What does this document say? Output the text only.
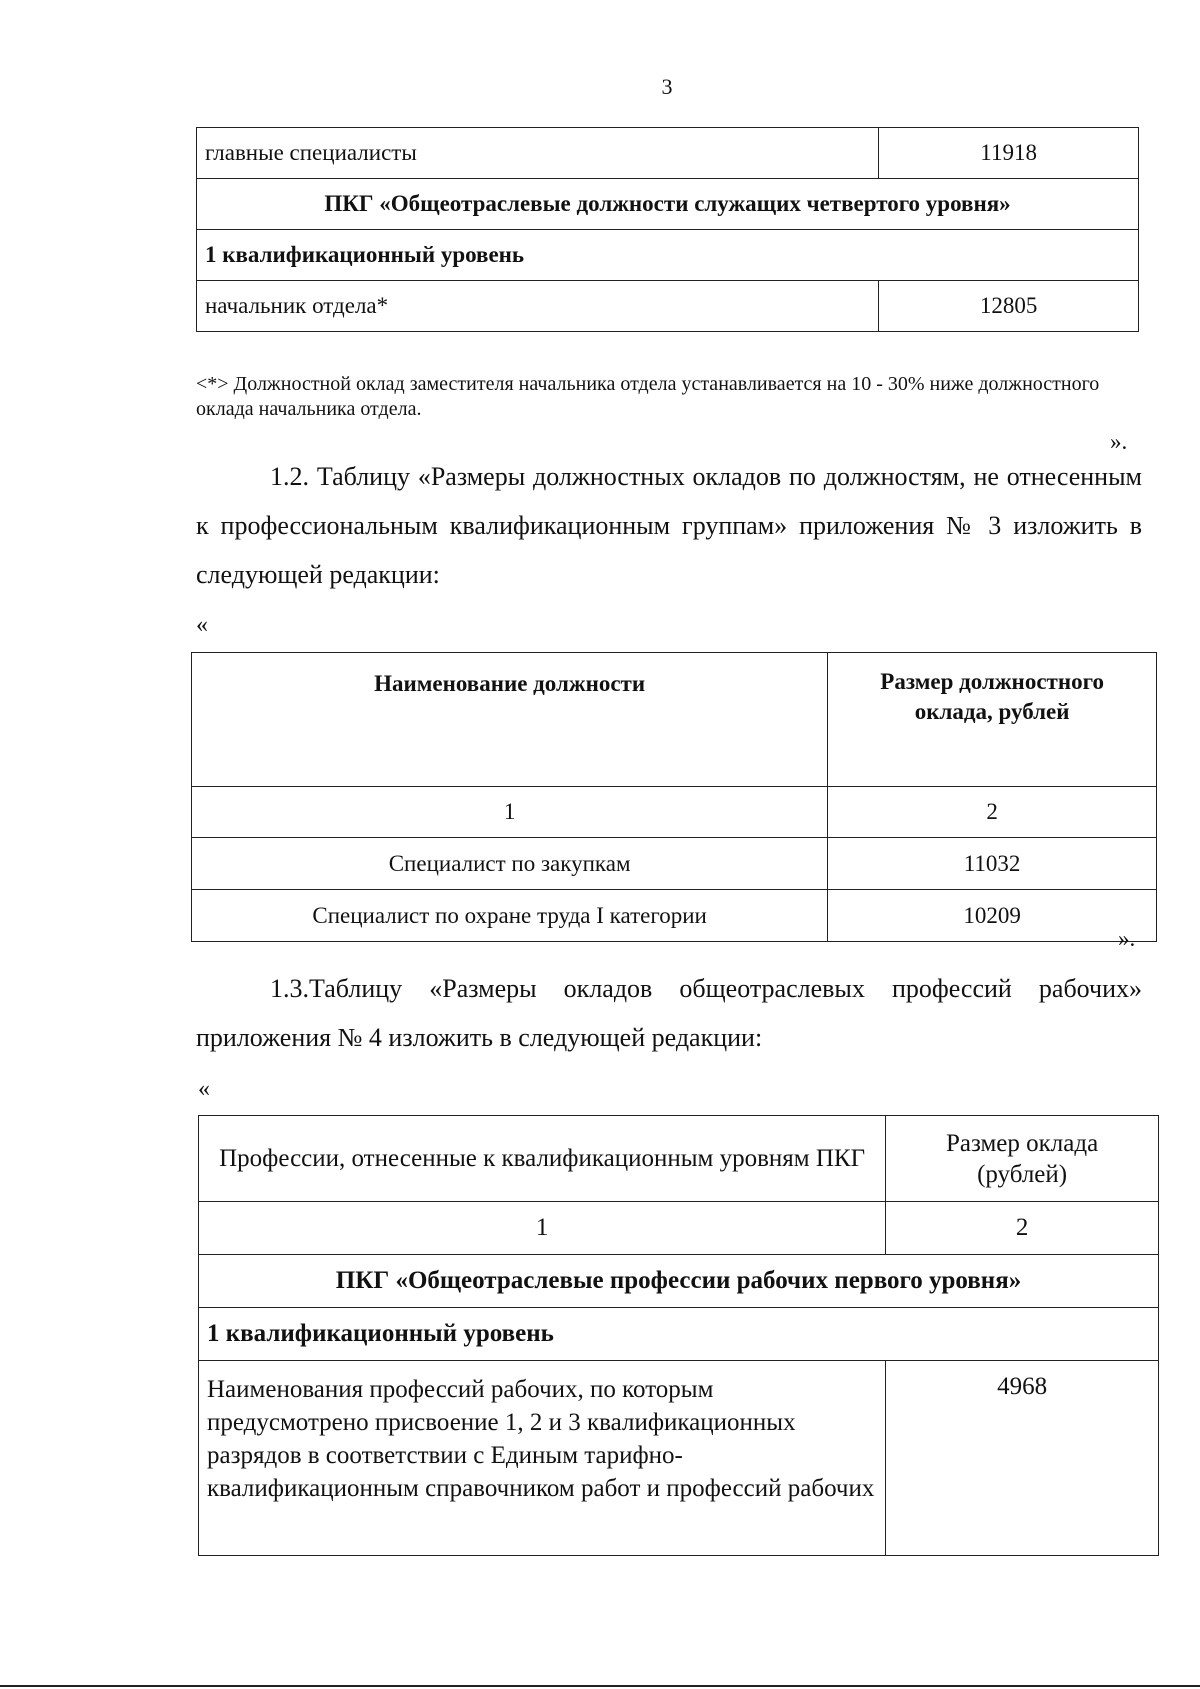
3
главные специалисты	11918
ПКГ «Общеотраслевые должности служащих четвертого уровня»	
1 квалификационный уровень	
начальник отдела*	12805
<*> Должностной оклад заместителя начальника отдела устанавливается на 10 - 30% ниже должностного оклада начальника отдела.
».
1.2. Таблицу «Размеры должностных окладов по должностям, не отнесенным к профессиональным квалификационным группам» приложения № 3 изложить в следующей редакции:
«
Наименование должности	Размер должностного оклада, рублей
1	2
Специалист по закупкам	11032
Специалист по охране труда I категории	10209
».
1.3.Таблицу «Размеры окладов общеотраслевых профессий рабочих» приложения № 4 изложить в следующей редакции:
«
Профессии, отнесенные к квалификационным уровням ПКГ	Размер оклада (рублей)
1	2
ПКГ «Общеотраслевые профессии рабочих первого уровня»	
1 квалификационный уровень	
Наименования профессий рабочих, по которым предусмотрено присвоение 1, 2 и 3 квалификационных разрядов в соответствии с Единым тарифно-квалификационным справочником работ и профессий рабочих	4968
